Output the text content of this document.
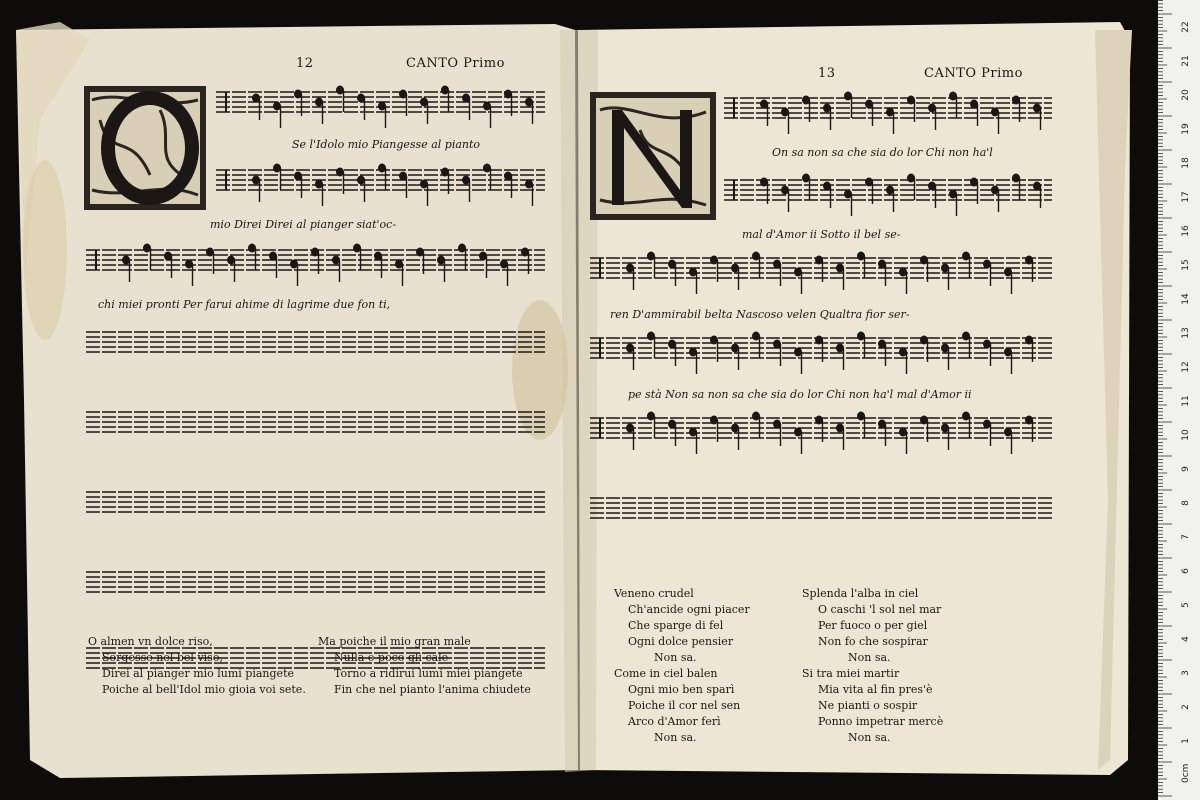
12	CANTO Primo
Se l'Idolo mio Piangesse al pianto
mio Direi Direi al pianger siat'oc-
chi miei pronti Per farui ahime di lagrime due fon ti,
O almen vn dolce riso,
Sorgesse nel bel viso,
Direi al pianger mio lumi piangete
Poiche al bell'Idol mio gioia voi sete.
Ma poiche il mio gran male
Nulla o poco gli cale
Torno a ridirui lumi miei piangete
Fin che nel pianto l'anima chiudete
13	CANTO Primo
On sa non sa che sia do lor Chi non ha'l
mal d'Amor ii Sotto il bel se-
ren D'ammirabil belta Nascoso velen Qualtra fior ser-
pe stà Non sa non sa che sia do lor Chi non ha'l mal d'Amor ii
Veneno crudel
Ch'ancide ogni piacer
Che sparge di fel
Ogni dolce pensier
Non sa.
Come in ciel balen
Ogni mio ben sparì
Poiche il cor nel sen
Arco d'Amor ferì
Non sa.
Splenda l'alba in ciel
O caschi 'l sol nel mar
Per fuoco o per giel
Non fo che sospirar
Non sa.
Si tra miei martir
Mia vita al fin pres'è
Ne pianti o sospir
Ponno impetrar mercè
Non sa.
0cm
1
2
3
4
5
6
7
8
9
10
11
12
13
14
15
16
17
18
19
20
21
22
